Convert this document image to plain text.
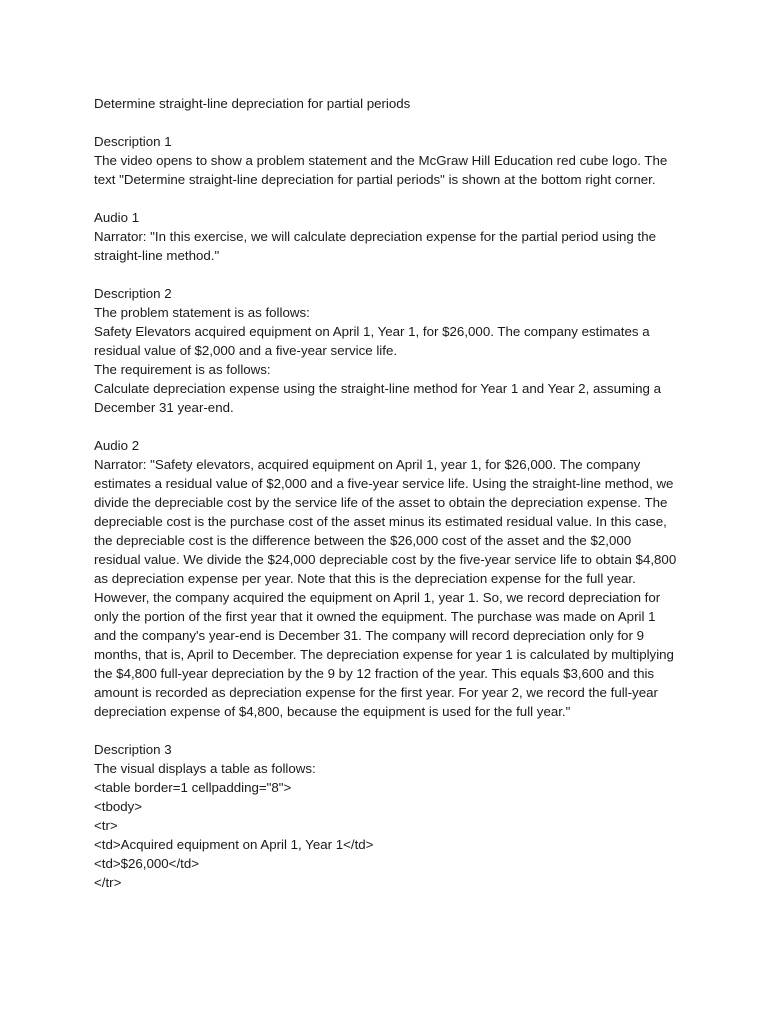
Determine straight-line depreciation for partial periods
Description 1
The video opens to show a problem statement and the McGraw Hill Education red cube logo. The text "Determine straight-line depreciation for partial periods" is shown at the bottom right corner.
Audio 1
Narrator: "In this exercise, we will calculate depreciation expense for the partial period using the straight-line method."
Description 2
The problem statement is as follows:
Safety Elevators acquired equipment on April 1, Year 1, for $26,000. The company estimates a residual value of $2,000 and a five-year service life.
The requirement is as follows:
Calculate depreciation expense using the straight-line method for Year 1 and Year 2, assuming a December 31 year-end.
Audio 2
Narrator: "Safety elevators, acquired equipment on April 1, year 1, for $26,000. The company estimates a residual value of $2,000 and a five-year service life. Using the straight-line method, we divide the depreciable cost by the service life of the asset to obtain the depreciation expense. The depreciable cost is the purchase cost of the asset minus its estimated residual value. In this case, the depreciable cost is the difference between the $26,000 cost of the asset and the $2,000 residual value. We divide the $24,000 depreciable cost by the five-year service life to obtain $4,800 as depreciation expense per year. Note that this is the depreciation expense for the full year. However, the company acquired the equipment on April 1, year 1. So, we record depreciation for only the portion of the first year that it owned the equipment. The purchase was made on April 1 and the company's year-end is December 31. The company will record depreciation only for 9 months, that is, April to December. The depreciation expense for year 1 is calculated by multiplying the $4,800 full-year depreciation by the 9 by 12 fraction of the year. This equals $3,600 and this amount is recorded as depreciation expense for the first year. For year 2, we record the full-year depreciation expense of $4,800, because the equipment is used for the full year."
Description 3
The visual displays a table as follows:
<table border=1 cellpadding="8">
<tbody>
<tr>
<td>Acquired equipment on April 1, Year 1</td>
<td>$26,000</td>
</tr>
